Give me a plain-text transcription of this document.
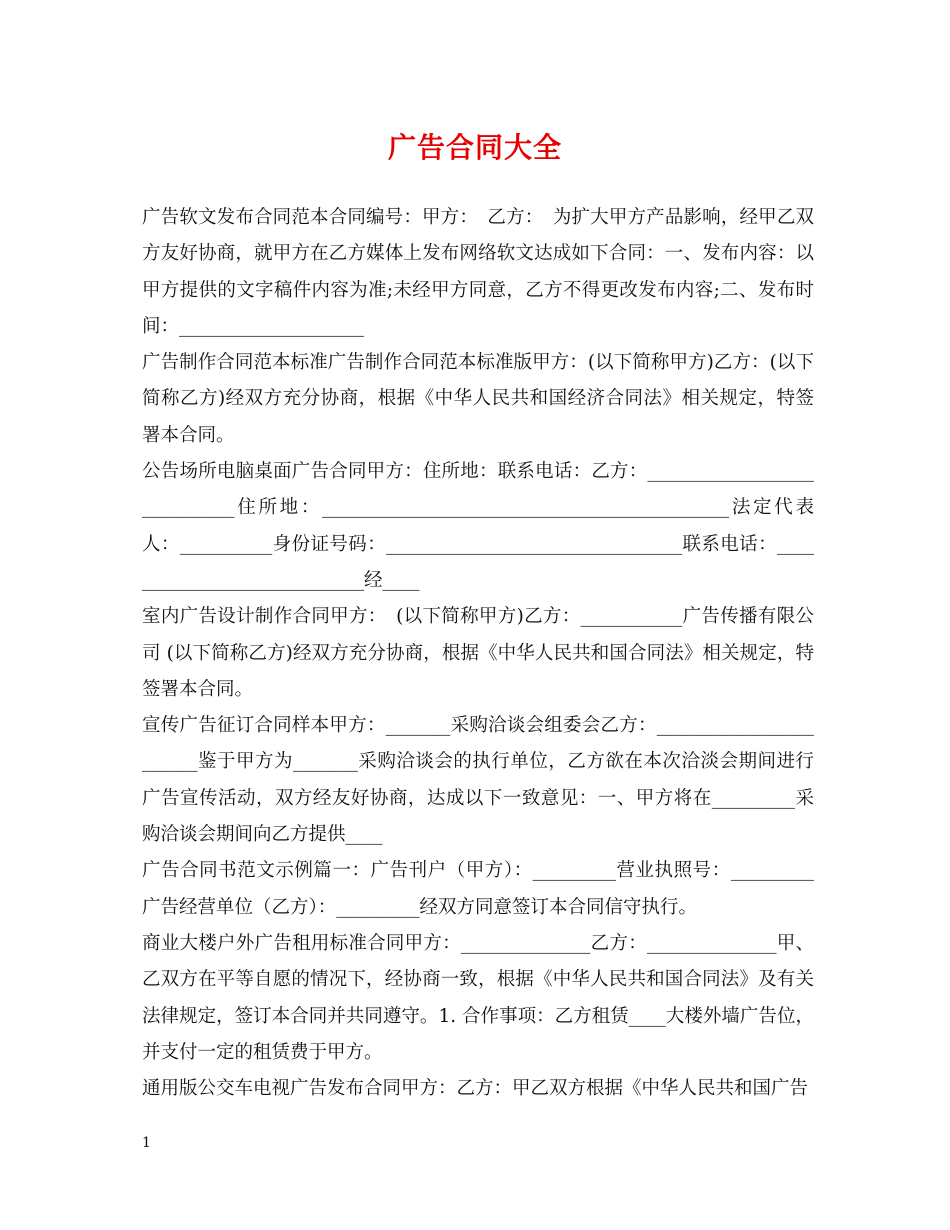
广告合同大全

广告软文发布合同范本合同编号：甲方：　乙方：　为扩大甲方产品影响，经甲乙双方友好协商，就甲方在乙方媒体上发布网络软文达成如下合同：一、发布内容：以甲方提供的文字稿件内容为准;未经甲方同意，乙方不得更改发布内容;二、发布时间：____________________

广告制作合同范本标准广告制作合同范本标准版甲方：(以下简称甲方)乙方：(以下简称乙方)经双方充分协商，根据《中华人民共和国经济合同法》相关规定，特签署本合同。

公告场所电脑桌面广告合同甲方：住所地：联系电话：乙方：____________________________住所地：____________________________________________法定代表人：__________身份证号码：________________________________联系电话：____________________________经____

室内广告设计制作合同甲方：　(以下简称甲方)乙方：___________广告传播有限公司 (以下简称乙方)经双方充分协商，根据《中华人民共和国合同法》相关规定，特签署本合同。

宣传广告征订合同样本甲方：_______采购洽谈会组委会乙方：_______________________鉴于甲方为_______采购洽谈会的执行单位，乙方欲在本次洽淡会期间进行广告宣传活动，双方经友好协商，达成以下一致意见：一、甲方将在_________采购洽谈会期间向乙方提供____

广告合同书范文示例篇一：广告刊户（甲方）：_________营业执照号：_________广告经营单位（乙方）：_________经双方同意签订本合同信守执行。

商业大楼户外广告租用标准合同甲方：______________乙方：______________甲、乙双方在平等自愿的情况下，经协商一致，根据《中华人民共和国合同法》及有关法律规定，签订本合同并共同遵守。1. 合作事项：乙方租赁____大楼外墙广告位，并支付一定的租赁费于甲方。

通用版公交车电视广告发布合同甲方：乙方：甲乙双方根据《中华人民共和国广告

1
